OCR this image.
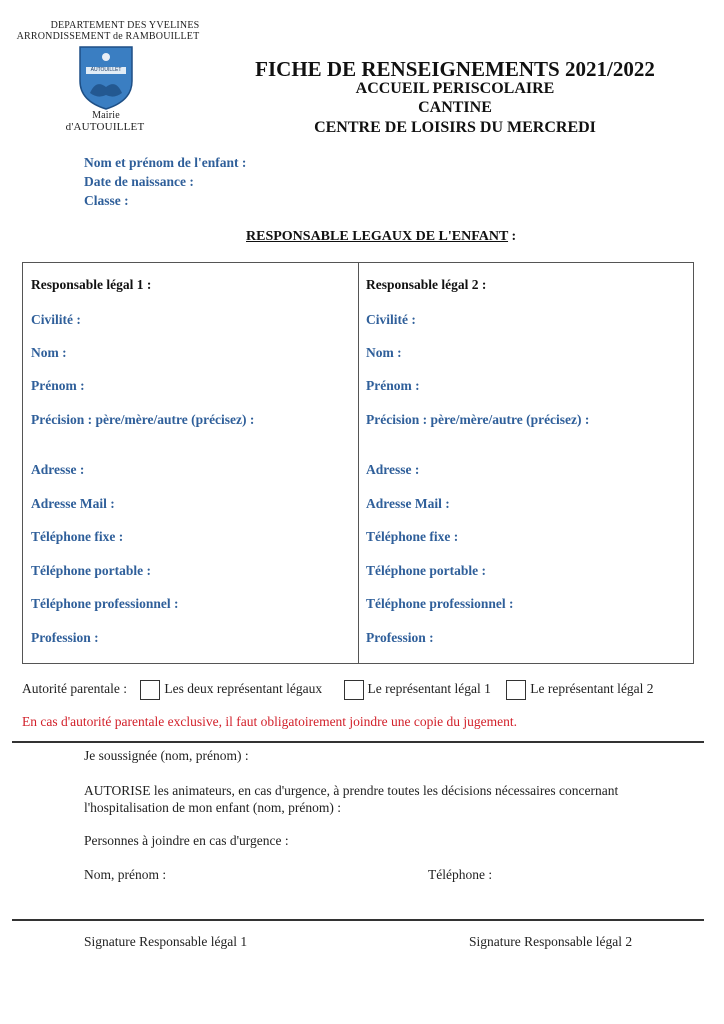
DEPARTEMENT DES YVELINES
ARRONDISSEMENT de RAMBOUILLET
AUTOUILLET
Mairie
d'AUTOUILLET
FICHE DE RENSEIGNEMENTS 2021/2022
ACCUEIL PERISCOLAIRE
CANTINE
CENTRE DE LOISIRS DU MERCREDI
Nom et prénom de l'enfant :
Date de naissance :
Classe :
RESPONSABLE LEGAUX DE L'ENFANT :
Responsable légal 1 :
Civilité :
Nom :
Prénom :
Précision : père/mère/autre (précisez) :
Adresse :
Adresse Mail :
Téléphone fixe :
Téléphone portable :
Téléphone professionnel :
Profession :
Responsable légal 2 :
Civilité :
Nom :
Prénom :
Précision : père/mère/autre (précisez) :
Adresse :
Adresse Mail :
Téléphone fixe :
Téléphone portable :
Téléphone professionnel :
Profession :
Autorité parentale :	Les deux représentant légaux	Le représentant légal 1	Le représentant légal 2
En cas d'autorité parentale exclusive, il faut obligatoirement joindre une copie du jugement.
Je soussignée (nom, prénom) :
AUTORISE les animateurs, en cas d'urgence, à prendre toutes les décisions nécessaires concernant l'hospitalisation de mon enfant (nom, prénom) :
Personnes à joindre en cas d'urgence :
Nom, prénom :	Téléphone :
Signature Responsable légal 1	Signature Responsable légal 2
